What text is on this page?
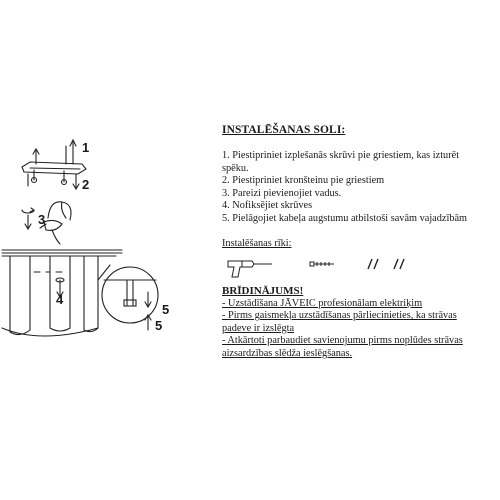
1
2
3
4
5
5
INSTALĒŠANAS SOLI:
1. Piestipriniet izplešanās skrūvi pie griestiem, kas izturēt
spēku.
2. Piestipriniet kronšteinu pie griestiem
3. Pareizi pievienojiet vadus.
4. Nofiksējiet skrūves
5. Pielāgojiet kabeļa augstumu atbilstoši savām vajadzībām
Instalēšanas rīki:
BRĪDINĀJUMS!
- Uzstādīšana JĀVEIC profesionālam elektriķim
- Pirms gaismekļa uzstādīšanas pārliecinieties, ka strāvas
padeve ir izslēgta
- Atkārtoti parbaudiet savienojumu pirms noplūdes strāvas
aizsardzības slēdža ieslēgšanas.
